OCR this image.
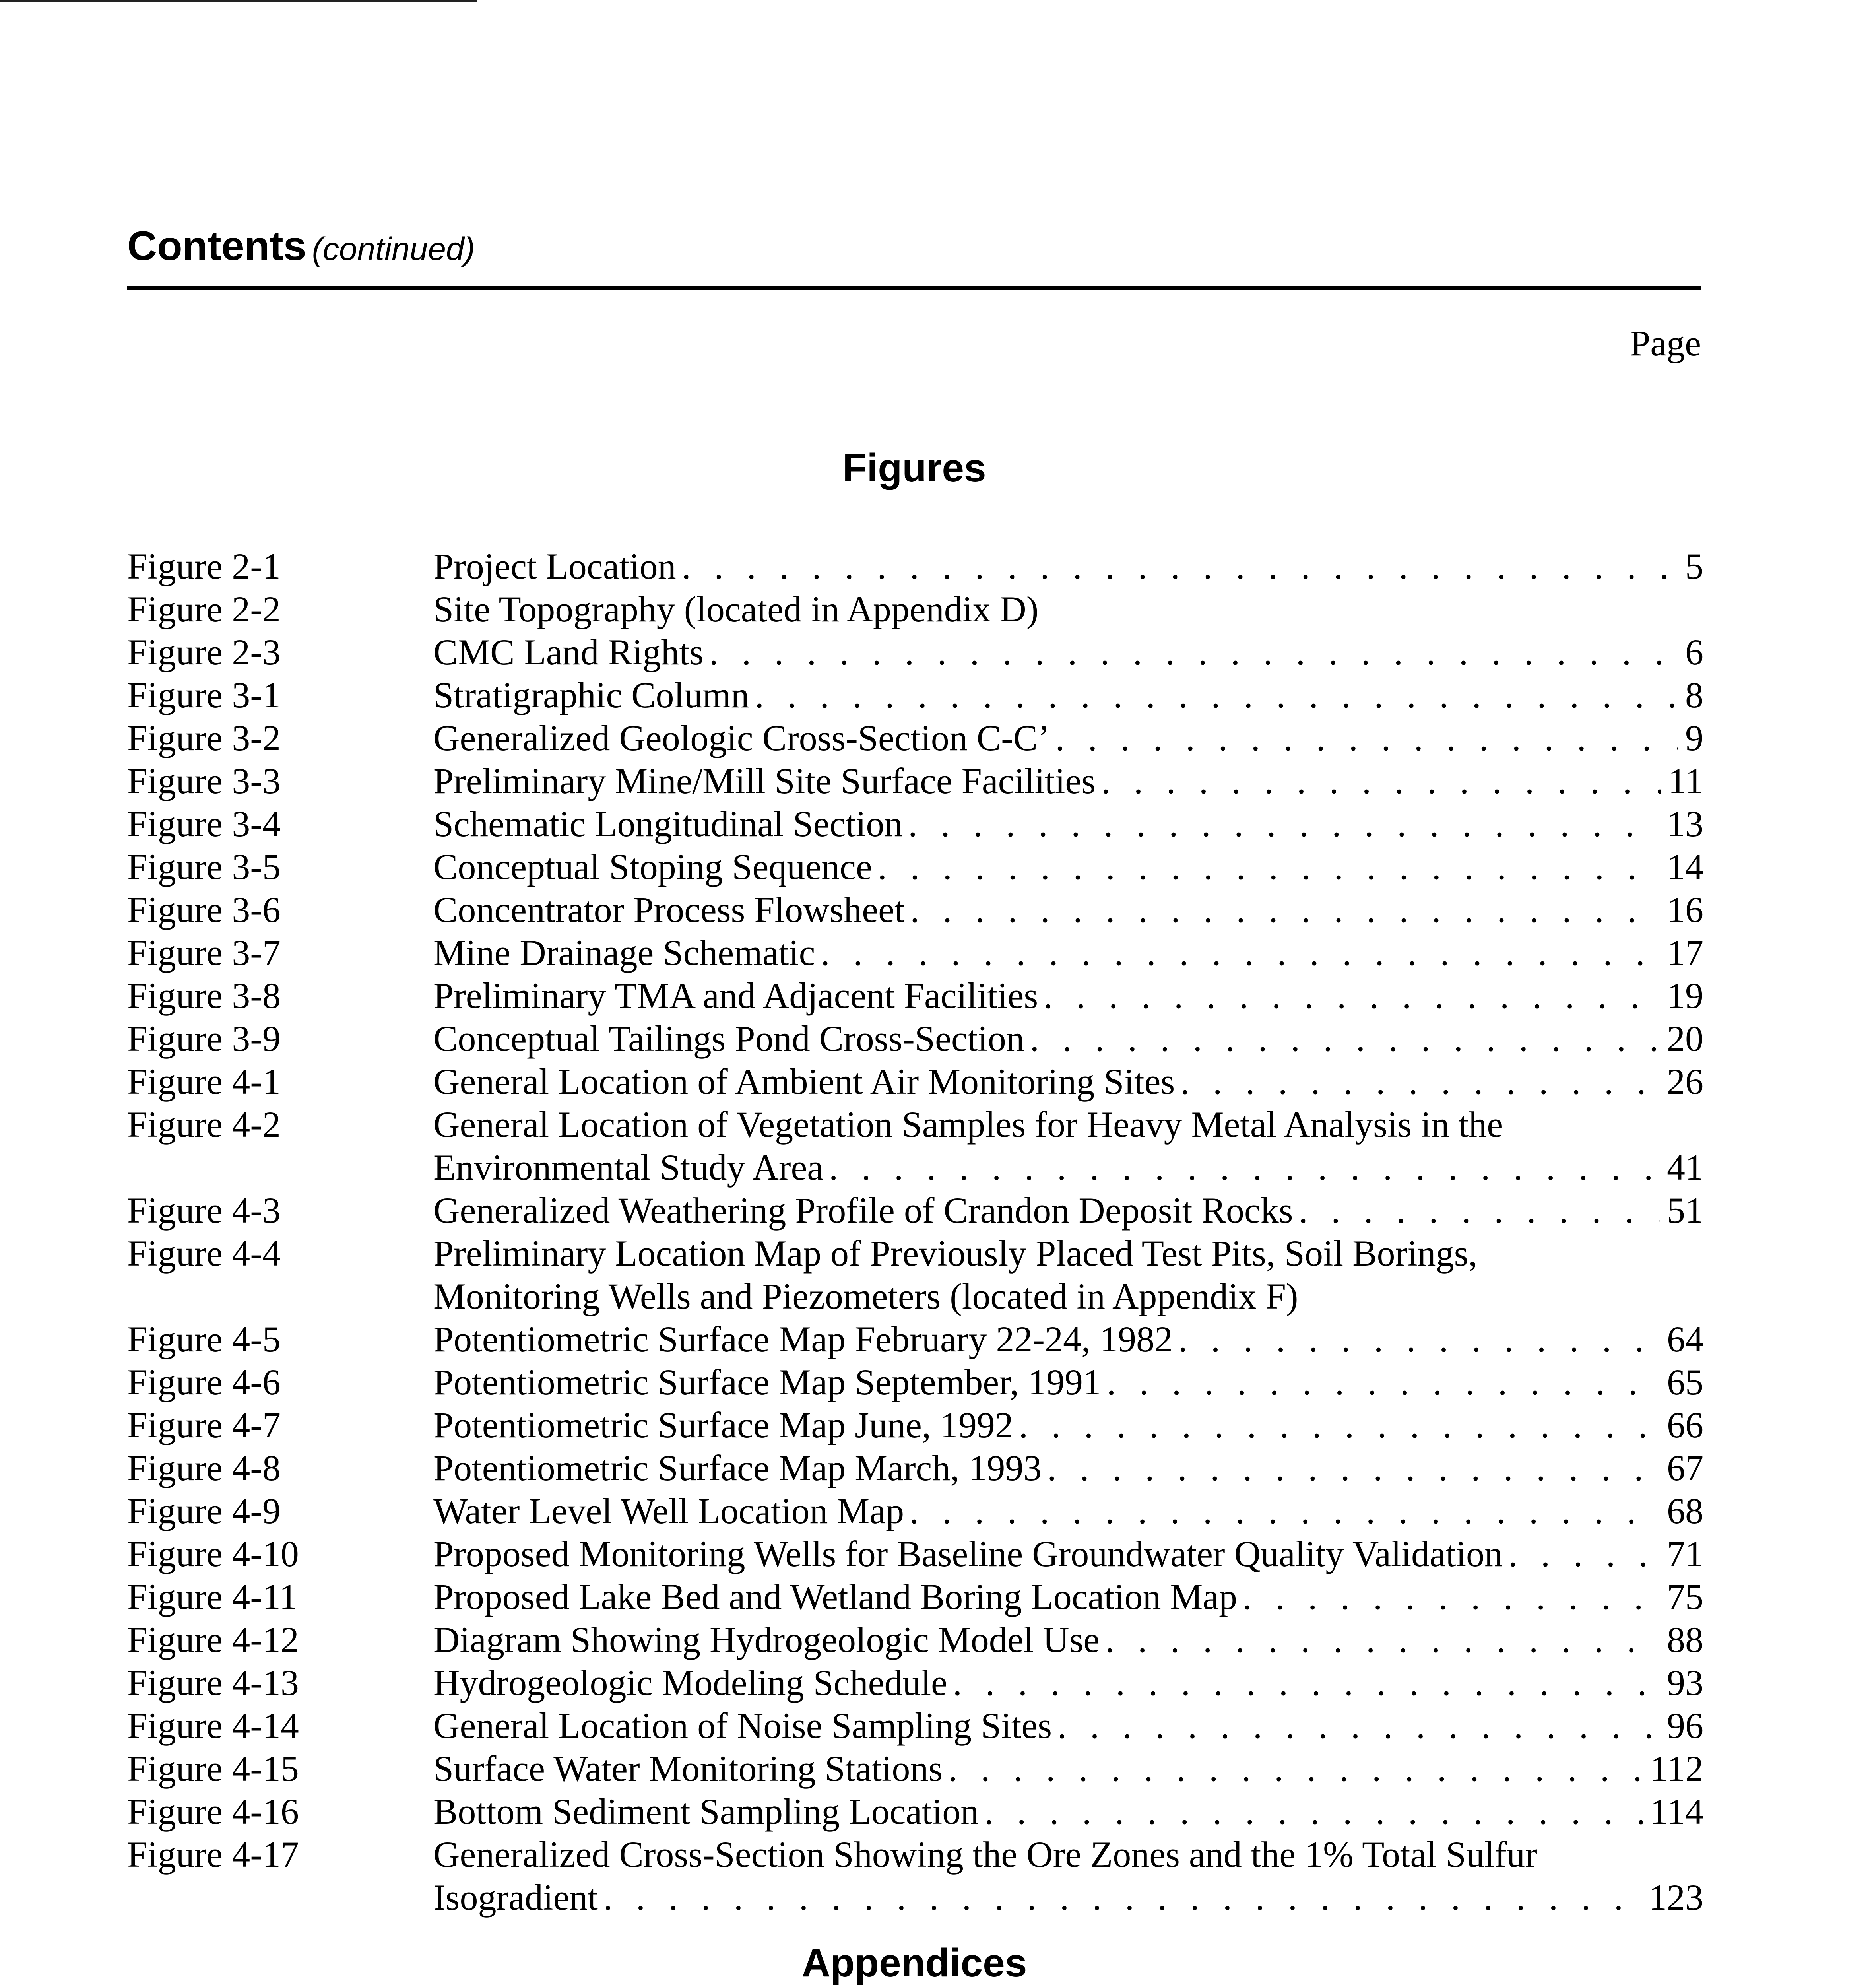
Contents (continued)
Page
Figures
Figure 2-1	Project Location . . .	5
Figure 2-2	Site Topography (located in Appendix D)
Figure 2-3	CMC Land Rights . . .	6
Figure 3-1	Stratigraphic Column . . .	8
Figure 3-2	Generalized Geologic Cross-Section C-C’ . . .	9
Figure 3-3	Preliminary Mine/Mill Site Surface Facilities . . .	11
Figure 3-4	Schematic Longitudinal Section . . .	13
Figure 3-5	Conceptual Stoping Sequence . . .	14
Figure 3-6	Concentrator Process Flowsheet . . .	16
Figure 3-7	Mine Drainage Schematic . . .	17
Figure 3-8	Preliminary TMA and Adjacent Facilities . . .	19
Figure 3-9	Conceptual Tailings Pond Cross-Section . . .	20
Figure 4-1	General Location of Ambient Air Monitoring Sites . . .	26
Figure 4-2	General Location of Vegetation Samples for Heavy Metal Analysis in the
Environmental Study Area . . .	41
Figure 4-3	Generalized Weathering Profile of Crandon Deposit Rocks . . .	51
Figure 4-4	Preliminary Location Map of Previously Placed Test Pits, Soil Borings,
Monitoring Wells and Piezometers (located in Appendix F)
Figure 4-5	Potentiometric Surface Map February 22-24, 1982 . . .	64
Figure 4-6	Potentiometric Surface Map September, 1991 . . .	65
Figure 4-7	Potentiometric Surface Map June, 1992 . . .	66
Figure 4-8	Potentiometric Surface Map March, 1993 . . .	67
Figure 4-9	Water Level Well Location Map . . .	68
Figure 4-10	Proposed Monitoring Wells for Baseline Groundwater Quality Validation . . .	71
Figure 4-11	Proposed Lake Bed and Wetland Boring Location Map . . .	75
Figure 4-12	Diagram Showing Hydrogeologic Model Use . . .	88
Figure 4-13	Hydrogeologic Modeling Schedule . . .	93
Figure 4-14	General Location of Noise Sampling Sites . . .	96
Figure 4-15	Surface Water Monitoring Stations . . .	112
Figure 4-16	Bottom Sediment Sampling Location . . .	114
Figure 4-17	Generalized Cross-Section Showing the Ore Zones and the 1% Total Sulfur
Isogradient . . .	123
Appendices
